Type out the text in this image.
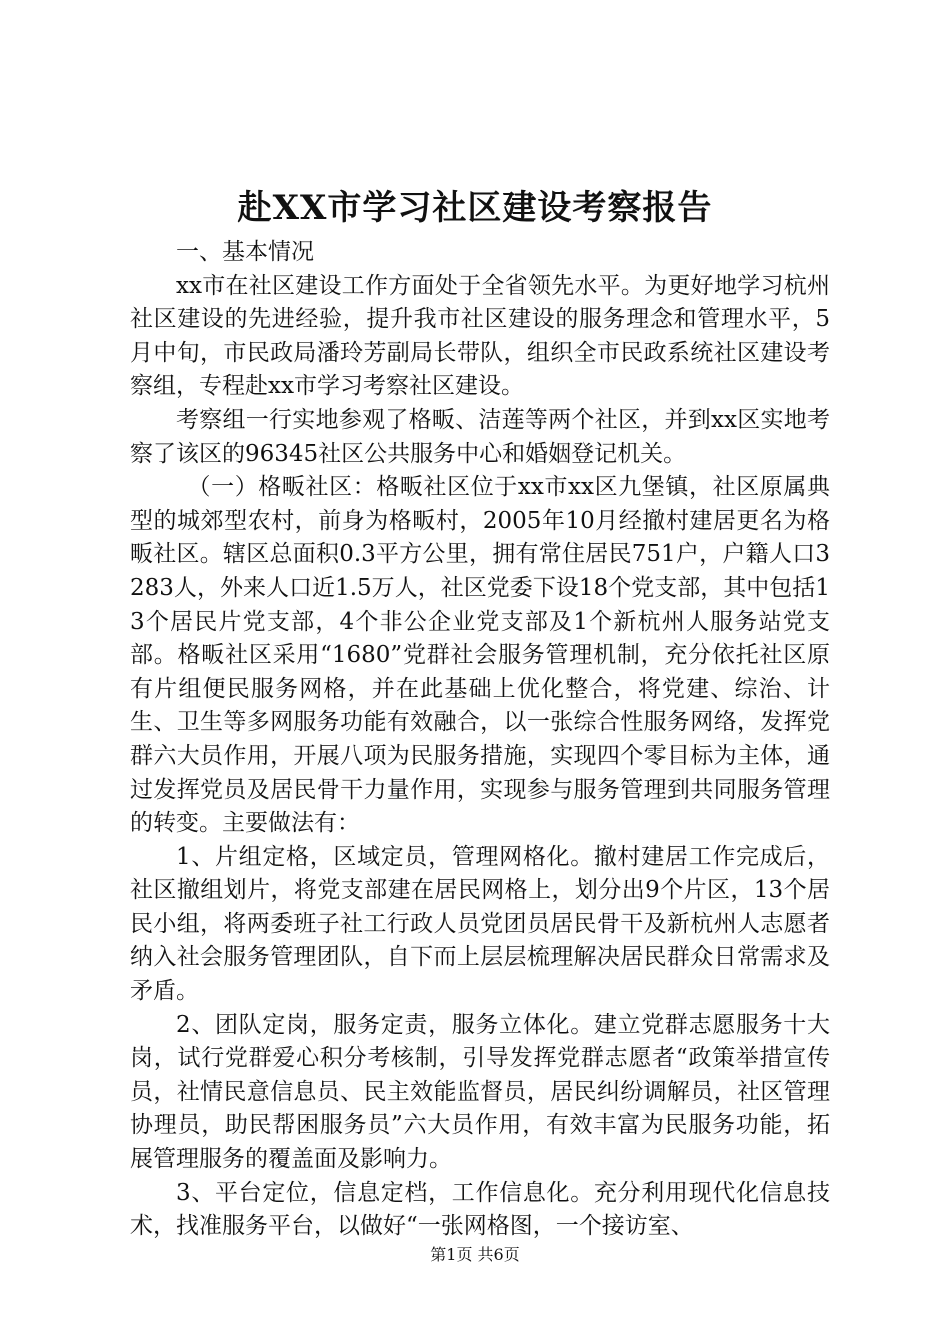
赴XX市学习社区建设考察报告

一、基本情况

xx市在社区建设工作方面处于全省领先水平。为更好地学习杭州社区建设的先进经验，提升我市社区建设的服务理念和管理水平，5月中旬，市民政局潘玲芳副局长带队，组织全市民政系统社区建设考察组，专程赴xx市学习考察社区建设。

考察组一行实地参观了格畈、洁莲等两个社区，并到xx区实地考察了该区的96345社区公共服务中心和婚姻登记机关。

（一）格畈社区：格畈社区位于xx市xx区九堡镇，社区原属典型的城郊型农村，前身为格畈村，2005年10月经撤村建居更名为格畈社区。辖区总面积0.3平方公里，拥有常住居民751户，户籍人口3283人，外来人口近1.5万人，社区党委下设18个党支部，其中包括13个居民片党支部，4个非公企业党支部及1个新杭州人服务站党支部。格畈社区采用“1680”党群社会服务管理机制，充分依托社区原有片组便民服务网格，并在此基础上优化整合，将党建、综治、计生、卫生等多网服务功能有效融合，以一张综合性服务网络，发挥党群六大员作用，开展八项为民服务措施，实现四个零目标为主体，通过发挥党员及居民骨干力量作用，实现参与服务管理到共同服务管理的转变。主要做法有：

1、片组定格，区域定员，管理网格化。撤村建居工作完成后，社区撤组划片，将党支部建在居民网格上，划分出9个片区，13个居民小组，将两委班子社工行政人员党团员居民骨干及新杭州人志愿者纳入社会服务管理团队，自下而上层层梳理解决居民群众日常需求及矛盾。

2、团队定岗，服务定责，服务立体化。建立党群志愿服务十大岗，试行党群爱心积分考核制，引导发挥党群志愿者“政策举措宣传员，社情民意信息员、民主效能监督员，居民纠纷调解员，社区管理协理员，助民帮困服务员”六大员作用，有效丰富为民服务功能，拓展管理服务的覆盖面及影响力。

3、平台定位，信息定档，工作信息化。充分利用现代化信息技术，找准服务平台，以做好“一张网格图，一个接访室、

第1页 共6页
